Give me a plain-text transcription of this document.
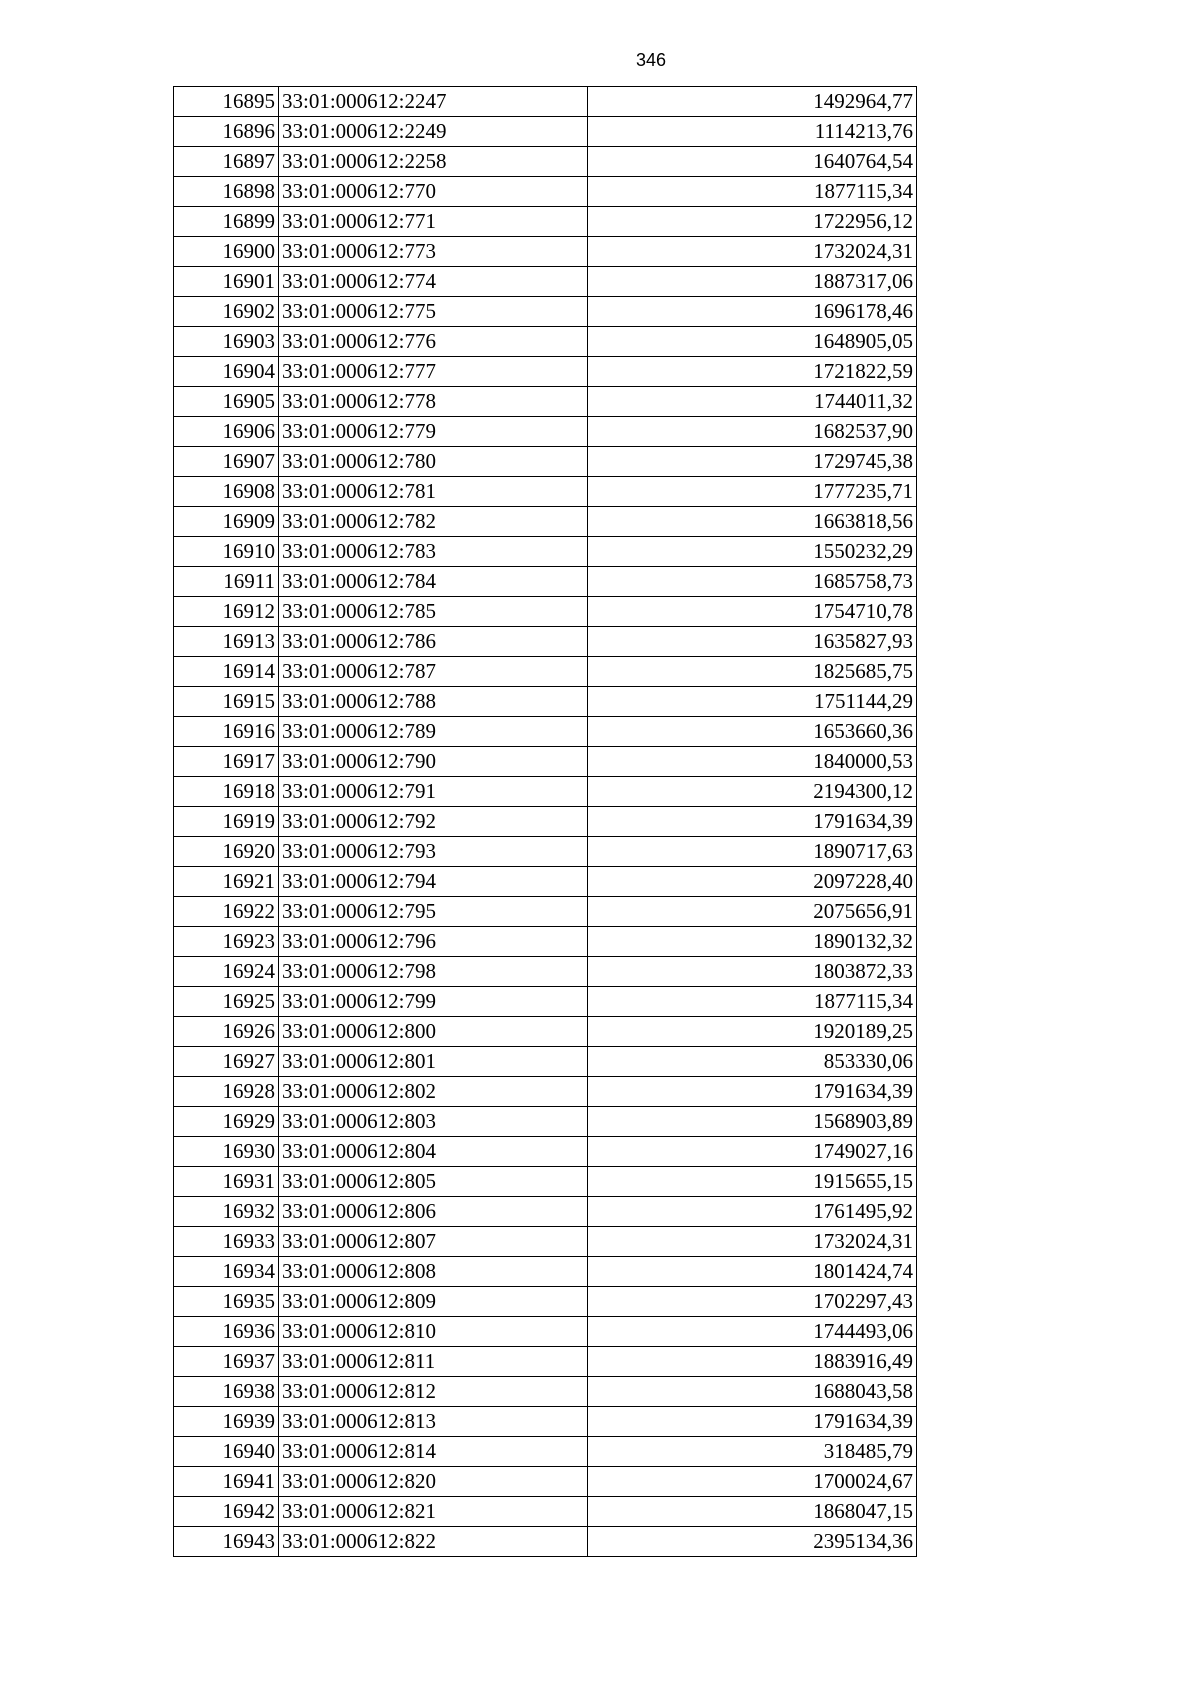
346
16895	33:01:000612:2247	1492964,77
16896	33:01:000612:2249	1114213,76
16897	33:01:000612:2258	1640764,54
16898	33:01:000612:770	1877115,34
16899	33:01:000612:771	1722956,12
16900	33:01:000612:773	1732024,31
16901	33:01:000612:774	1887317,06
16902	33:01:000612:775	1696178,46
16903	33:01:000612:776	1648905,05
16904	33:01:000612:777	1721822,59
16905	33:01:000612:778	1744011,32
16906	33:01:000612:779	1682537,90
16907	33:01:000612:780	1729745,38
16908	33:01:000612:781	1777235,71
16909	33:01:000612:782	1663818,56
16910	33:01:000612:783	1550232,29
16911	33:01:000612:784	1685758,73
16912	33:01:000612:785	1754710,78
16913	33:01:000612:786	1635827,93
16914	33:01:000612:787	1825685,75
16915	33:01:000612:788	1751144,29
16916	33:01:000612:789	1653660,36
16917	33:01:000612:790	1840000,53
16918	33:01:000612:791	2194300,12
16919	33:01:000612:792	1791634,39
16920	33:01:000612:793	1890717,63
16921	33:01:000612:794	2097228,40
16922	33:01:000612:795	2075656,91
16923	33:01:000612:796	1890132,32
16924	33:01:000612:798	1803872,33
16925	33:01:000612:799	1877115,34
16926	33:01:000612:800	1920189,25
16927	33:01:000612:801	853330,06
16928	33:01:000612:802	1791634,39
16929	33:01:000612:803	1568903,89
16930	33:01:000612:804	1749027,16
16931	33:01:000612:805	1915655,15
16932	33:01:000612:806	1761495,92
16933	33:01:000612:807	1732024,31
16934	33:01:000612:808	1801424,74
16935	33:01:000612:809	1702297,43
16936	33:01:000612:810	1744493,06
16937	33:01:000612:811	1883916,49
16938	33:01:000612:812	1688043,58
16939	33:01:000612:813	1791634,39
16940	33:01:000612:814	318485,79
16941	33:01:000612:820	1700024,67
16942	33:01:000612:821	1868047,15
16943	33:01:000612:822	2395134,36
